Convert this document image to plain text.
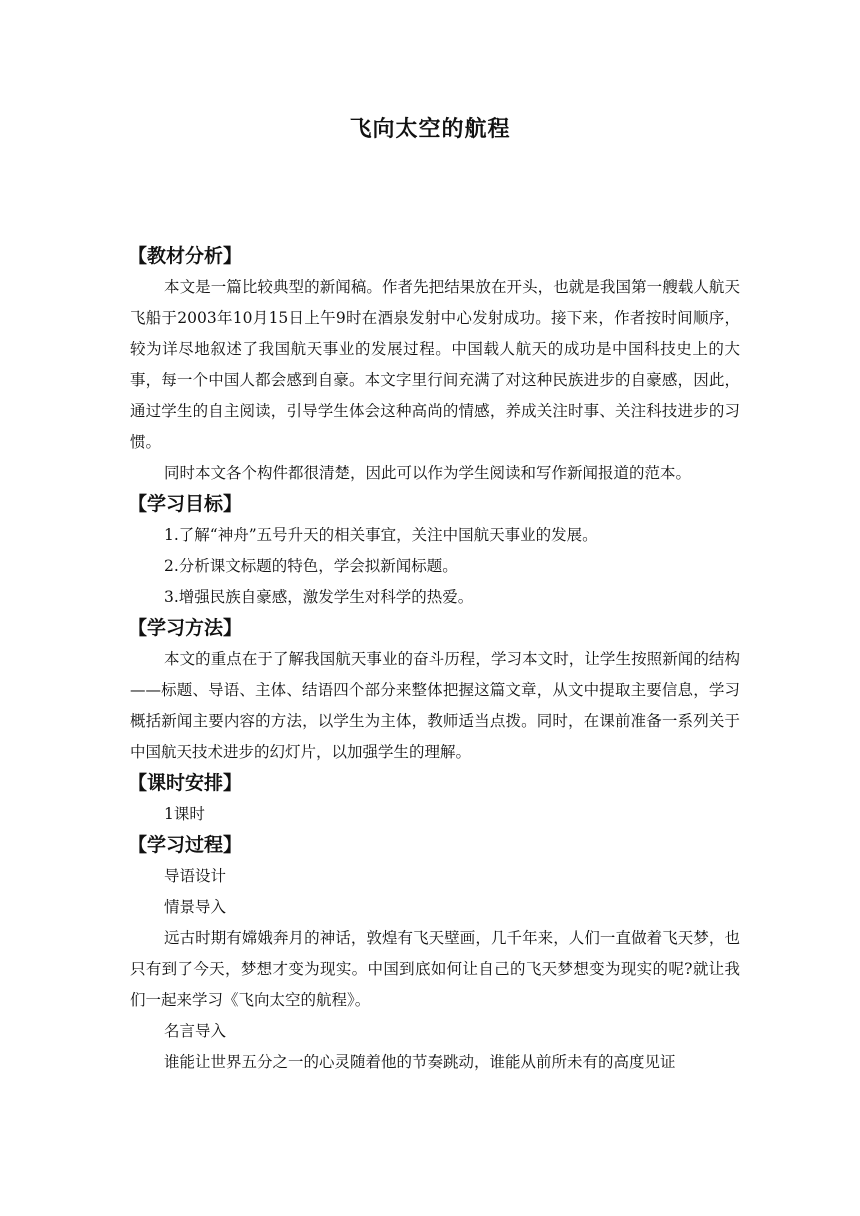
飞向太空的航程
【教材分析】

本文是一篇比较典型的新闻稿。作者先把结果放在开头，也就是我国第一艘载人航天飞船于2003年10月15日上午9时在酒泉发射中心发射成功。接下来，作者按时间顺序，较为详尽地叙述了我国航天事业的发展过程。中国载人航天的成功是中国科技史上的大事，每一个中国人都会感到自豪。本文字里行间充满了对这种民族进步的自豪感，因此，通过学生的自主阅读，引导学生体会这种高尚的情感，养成关注时事、关注科技进步的习惯。

同时本文各个构件都很清楚，因此可以作为学生阅读和写作新闻报道的范本。

【学习目标】
1.了解“神舟”五号升天的相关事宜，关注中国航天事业的发展。
2.分析课文标题的特色，学会拟新闻标题。
3.增强民族自豪感，激发学生对科学的热爱。
【学习方法】

本文的重点在于了解我国航天事业的奋斗历程，学习本文时，让学生按照新闻的结构——标题、导语、主体、结语四个部分来整体把握这篇文章，从文中提取主要信息，学习概括新闻主要内容的方法，以学生为主体，教师适当点拨。同时，在课前准备一系列关于中国航天技术进步的幻灯片，以加强学生的理解。

【课时安排】
1课时
【学习过程】
导语设计
情景导入

远古时期有嫦娥奔月的神话，敦煌有飞天壁画，几千年来，人们一直做着飞天梦，也只有到了今天，梦想才变为现实。中国到底如何让自己的飞天梦想变为现实的呢?就让我们一起来学习《飞向太空的航程》。

名言导入

谁能让世界五分之一的心灵随着他的节奏跳动，谁能从前所未有的高度见证
